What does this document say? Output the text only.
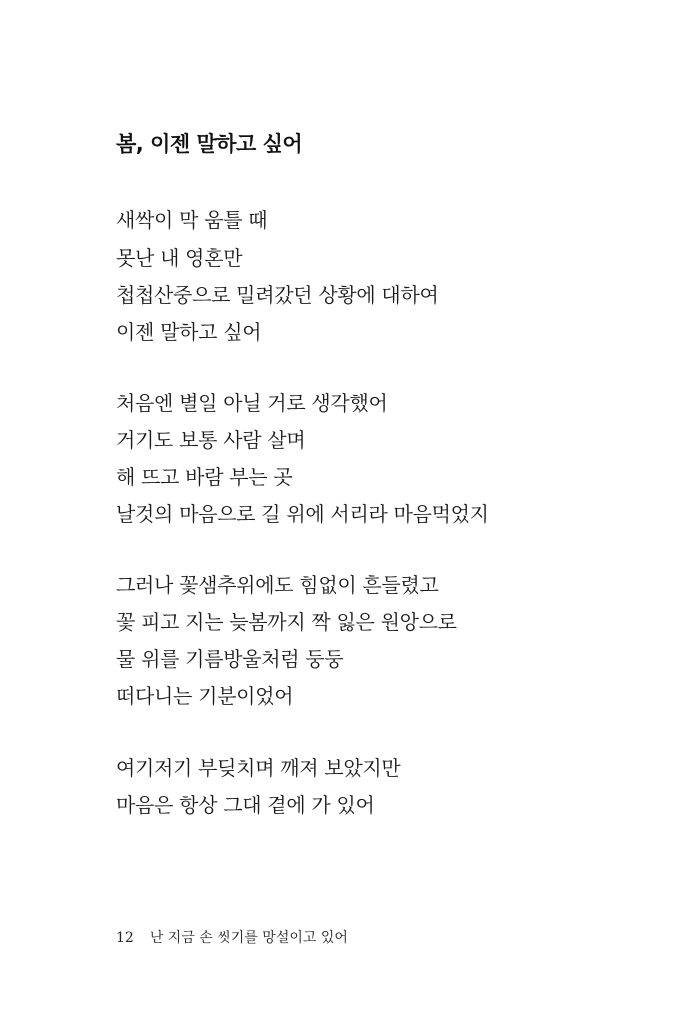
봄, 이젠 말하고 싶어

새싹이 막 움틀 때

못난 내 영혼만

첩첩산중으로 밀려갔던 상황에 대하여

이젠 말하고 싶어

처음엔 별일 아닐 거로 생각했어

거기도 보통 사람 살며

해 뜨고 바람 부는 곳

날것의 마음으로 길 위에 서리라 마음먹었지

그러나 꽃샘추위에도 힘없이 흔들렸고

꽃 피고 지는 늦봄까지 짝 잃은 원앙으로

물 위를 기름방울처럼 둥둥

떠다니는 기분이었어

여기저기 부딪치며 깨져 보았지만

마음은 항상 그대 곁에 가 있어

12 난 지금 손 씻기를 망설이고 있어
